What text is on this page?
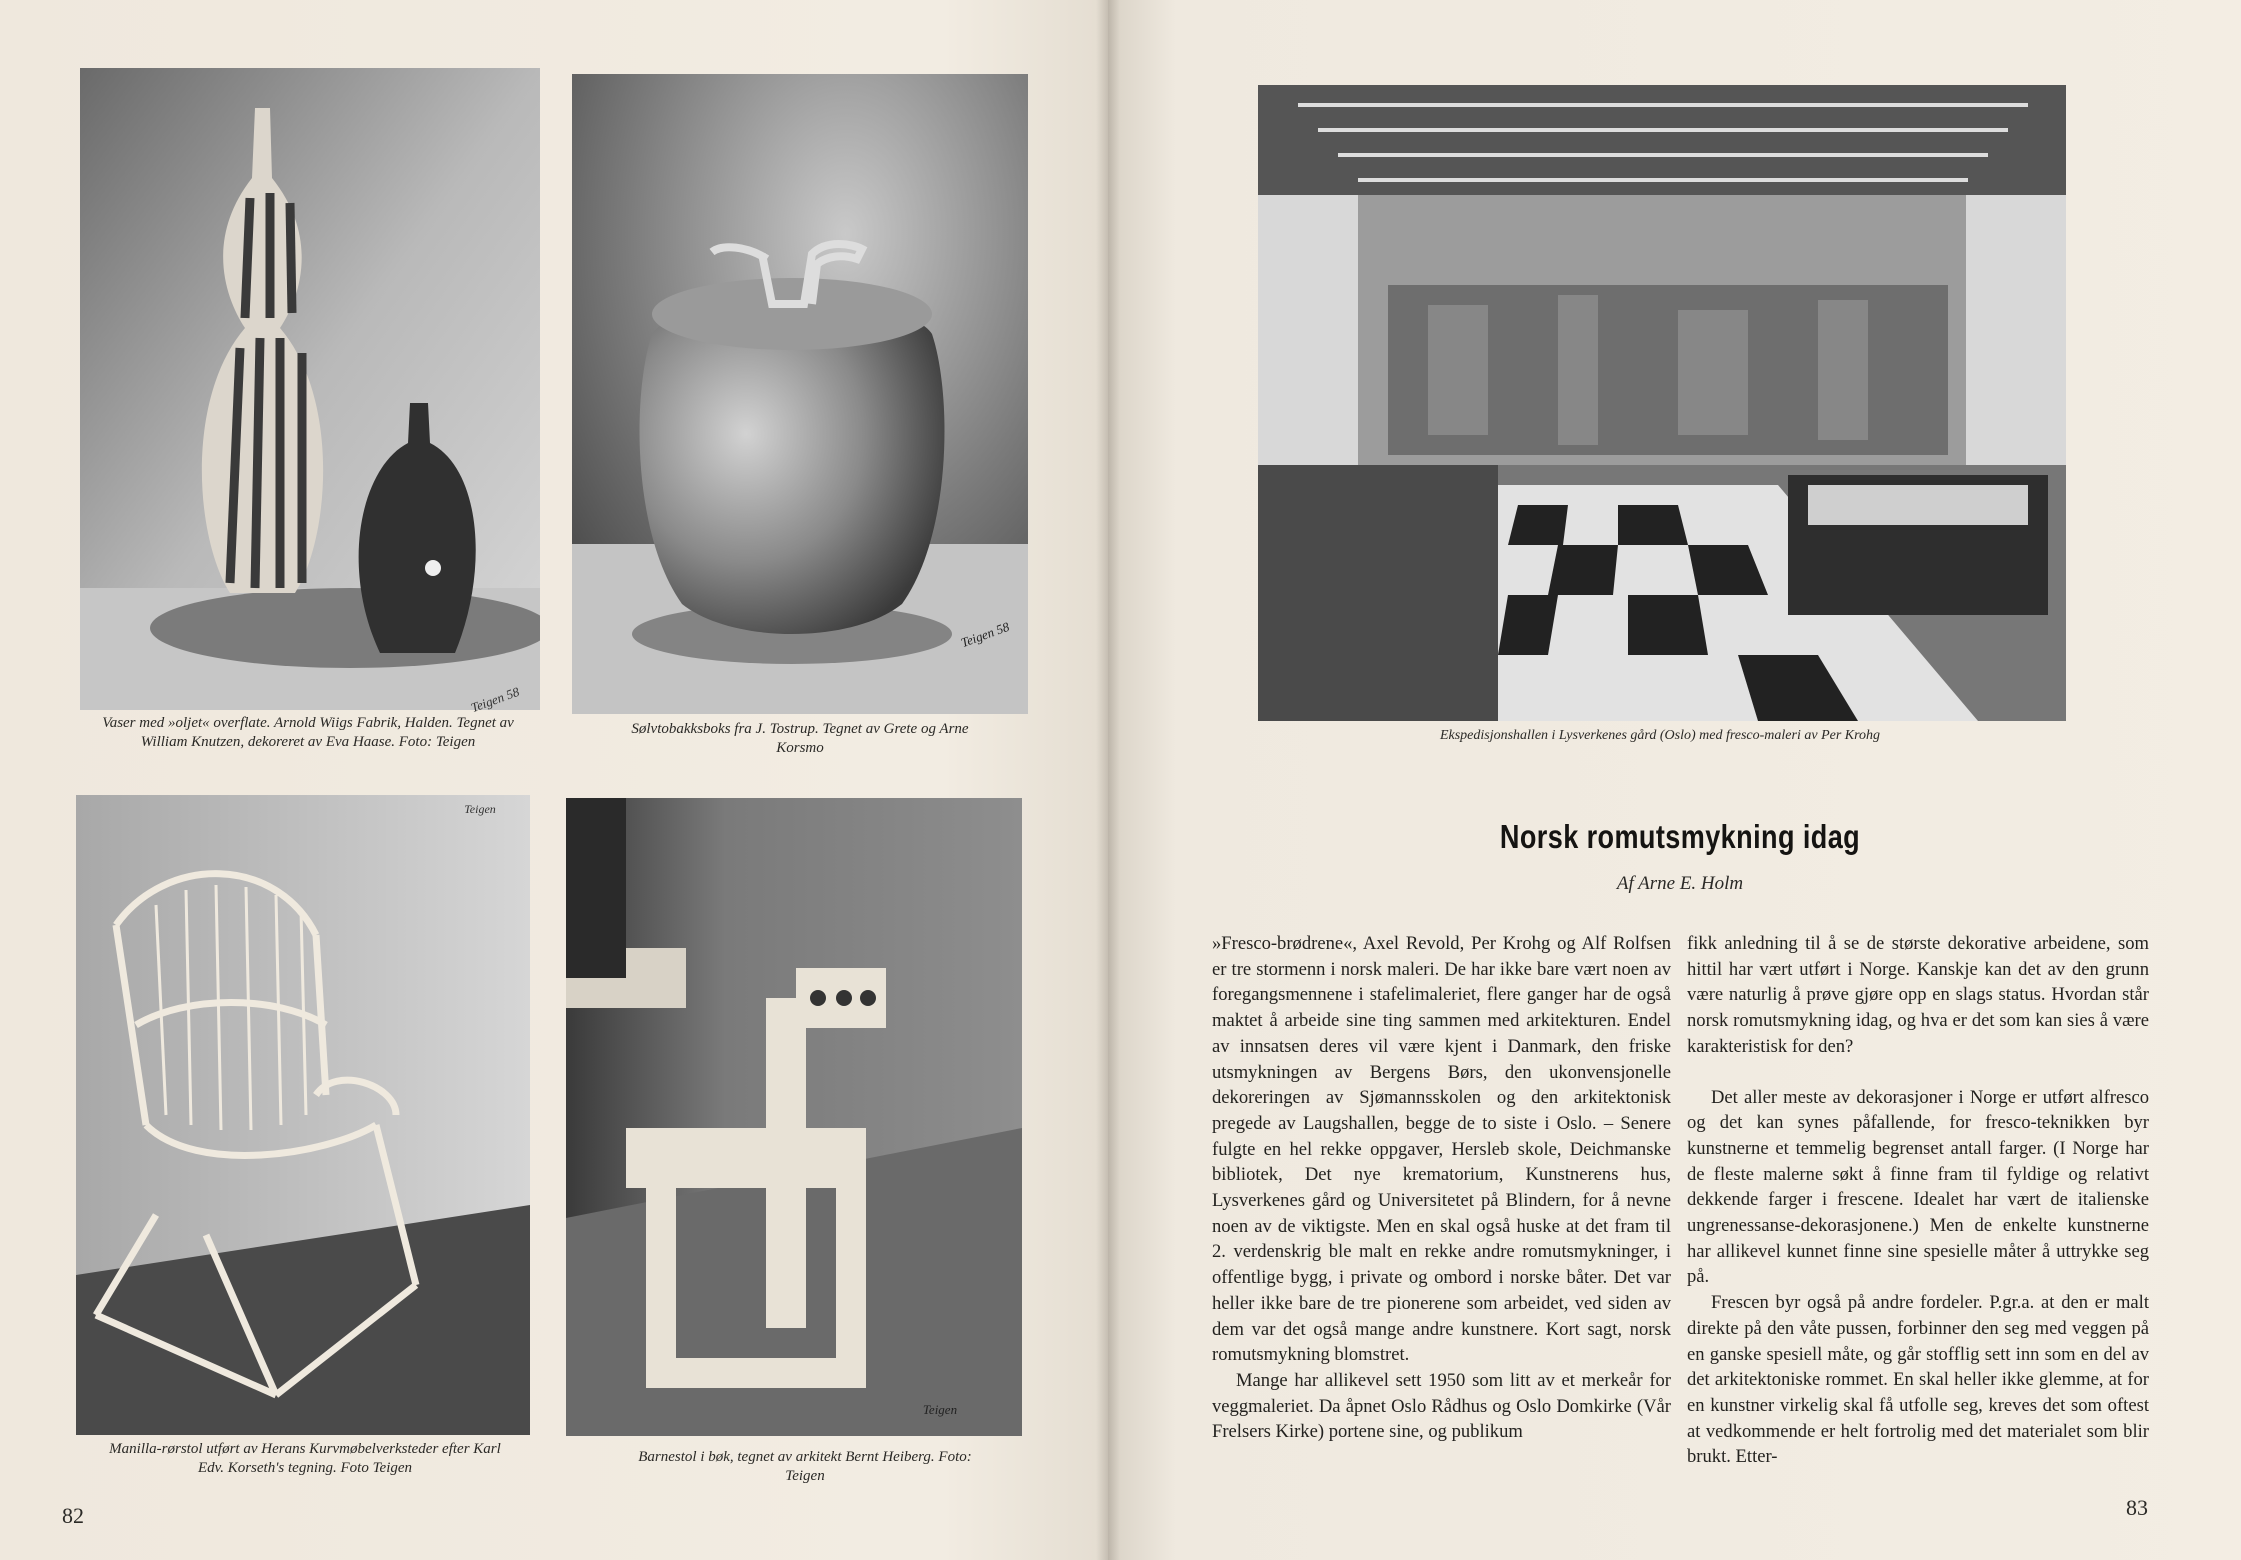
Vaser med »oljet« overflate. Arnold Wiigs Fabrik, Halden. Tegnet av William Knutzen, dekoreret av Eva Haase. Foto: Teigen
Teigen 58
Sølvtobakksboks fra J. Tostrup. Tegnet av Grete og Arne Korsmo
Teigen 58
Manilla-rørstol utført av Herans Kurvmøbelverksteder efter Karl Edv. Korseth's tegning. Foto Teigen
Teigen
Barnestol i bøk, tegnet av arkitekt Bernt Heiberg. Foto: Teigen
Teigen
82
Ekspedisjonshallen i Lysverkenes gård (Oslo) med fresco-maleri av Per Krohg
Norsk romutsmykning idag
Af Arne E. Holm

»Fresco-brødrene«, Axel Revold, Per Krohg og Alf Rolfsen er tre stormenn i norsk maleri. De har ikke bare vært noen av foregangsmennene i stafelimaleriet, flere ganger har de også maktet å arbeide sine ting sammen med arkitekturen. Endel av innsatsen deres vil være kjent i Danmark, den friske utsmykningen av Bergens Børs, den ukonvensjonelle dekoreringen av Sjømannsskolen og den arkitektonisk pregede av Laugshallen, begge de to siste i Oslo. – Senere fulgte en hel rekke oppgaver, Hersleb skole, Deichmanske bibliotek, Det nye krematorium, Kunstnerens hus, Lysverkenes gård og Universitetet på Blindern, for å nevne noen av de viktigste. Men en skal også huske at det fram til 2. verdenskrig ble malt en rekke andre romutsmykninger, i offentlige bygg, i private og ombord i norske båter. Det var heller ikke bare de tre pionerene som arbeidet, ved siden av dem var det også mange andre kunstnere. Kort sagt, norsk romutsmykning blomstret.

Mange har allikevel sett 1950 som litt av et merkeår for veggmaleriet. Da åpnet Oslo Rådhus og Oslo Domkirke (Vår Frelsers Kirke) portene sine, og publikum

fikk anledning til å se de største dekorative arbeidene, som hittil har vært utført i Norge. Kanskje kan det av den grunn være naturlig å prøve gjøre opp en slags status. Hvordan står norsk romutsmykning idag, og hva er det som kan sies å være karakteristisk for den?

Det aller meste av dekorasjoner i Norge er utført alfresco og det kan synes påfallende, for fresco-teknikken byr kunstnerne et temmelig begrenset antall farger. (I Norge har de fleste malerne søkt å finne fram til fyldige og relativt dekkende farger i frescene. Idealet har vært de italienske ungrenessanse-dekorasjonene.) Men de enkelte kunstnerne har allikevel kunnet finne sine spesielle måter å uttrykke seg på.

Frescen byr også på andre fordeler. P.gr.a. at den er malt direkte på den våte pussen, forbinner den seg med veggen på en ganske spesiell måte, og går stofflig sett inn som en del av det arkitektoniske rommet. En skal heller ikke glemme, at for en kunstner virkelig skal få utfolle seg, kreves det som oftest at vedkommende er helt fortrolig med det materialet som blir brukt. Etter-

83
